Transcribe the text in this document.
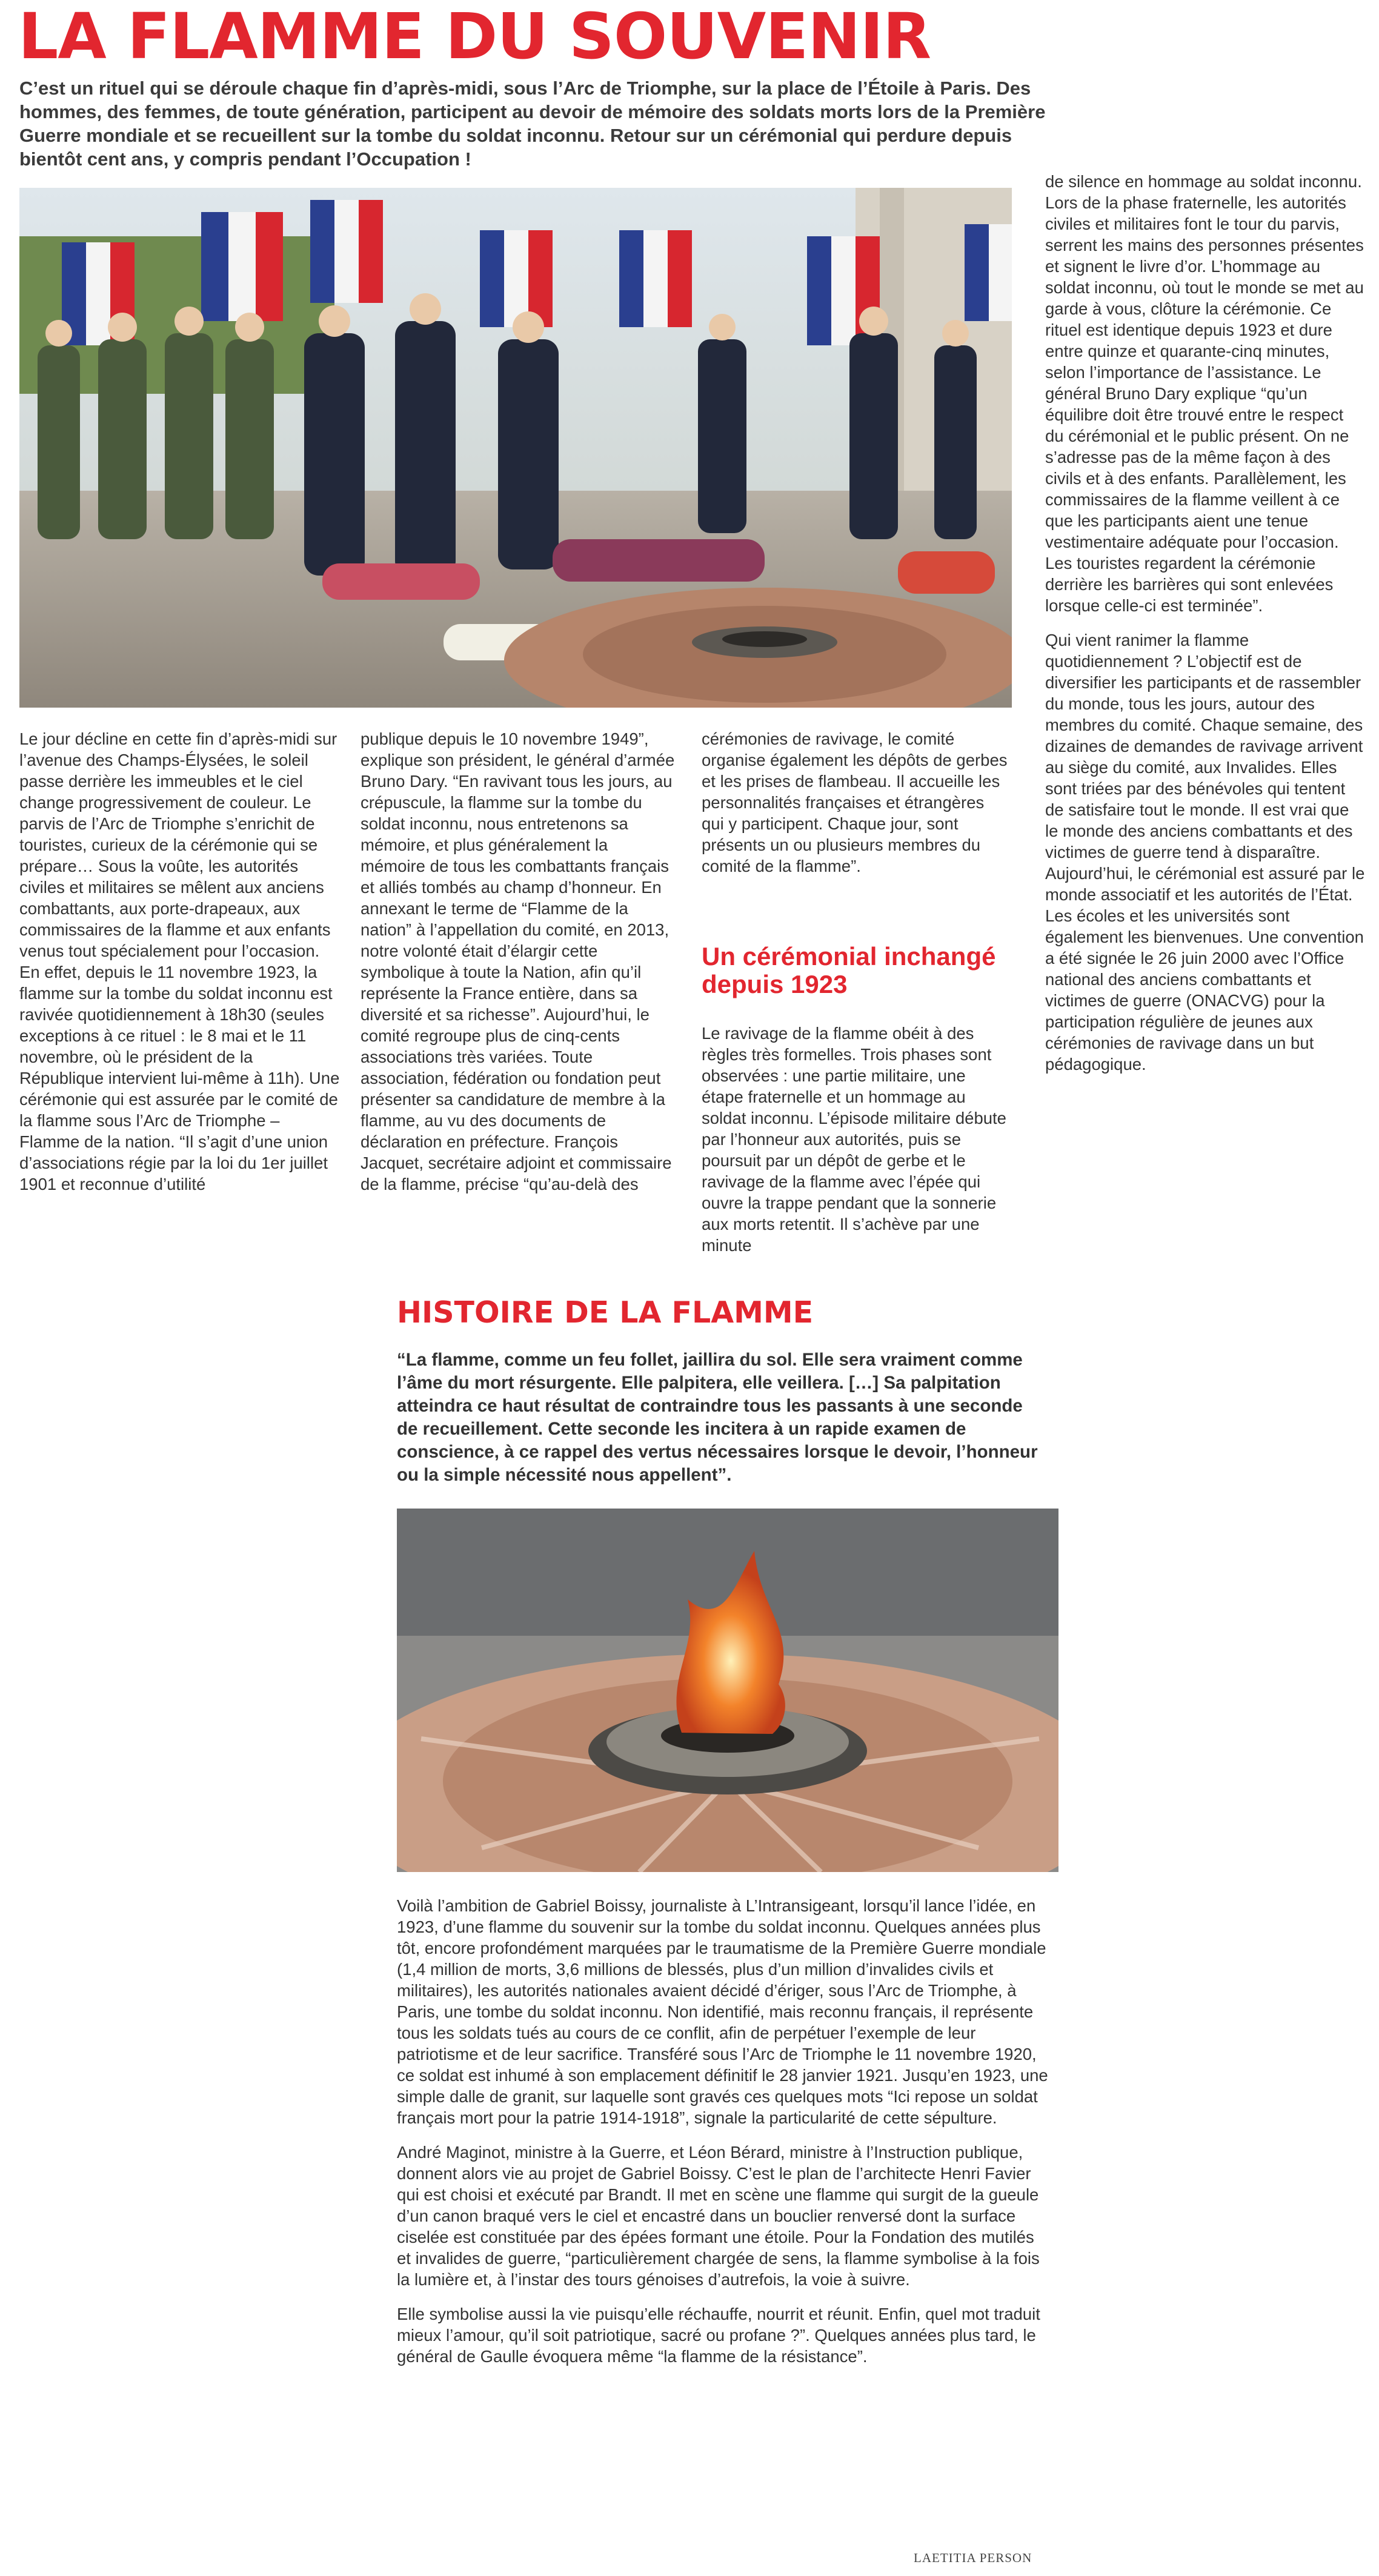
LA FLAMME DU SOUVENIR

C’est un rituel qui se déroule chaque fin d’après-midi, sous l’Arc de Triomphe, sur la place de l’Étoile à Paris. Des hommes, des femmes, de toute génération, participent au devoir de mémoire des soldats morts lors de la Première Guerre mondiale et se recueillent sur la tombe du soldat inconnu. Retour sur un cérémonial qui perdure depuis bientôt cent ans, y compris pendant l’Occupation !

Le jour décline en cette fin d’après-midi sur l’avenue des Champs-Élysées, le soleil passe derrière les immeubles et le ciel change progressivement de couleur. Le parvis de l’Arc de Triomphe s’enrichit de touristes, curieux de la cérémonie qui se prépare… Sous la voûte, les autorités civiles et militaires se mêlent aux anciens combattants, aux porte-drapeaux, aux commissaires de la flamme et aux enfants venus tout spécialement pour l’occasion. En effet, depuis le 11 novembre 1923, la flamme sur la tombe du soldat inconnu est ravivée quotidiennement à 18h30 (seules exceptions à ce rituel : le 8 mai et le 11 novembre, où le président de la République intervient lui-même à 11h). Une cérémonie qui est assurée par le comité de la flamme sous l’Arc de Triomphe – Flamme de la nation. “Il s’agit d’une union d’associations régie par la loi du 1er juillet 1901 et reconnue d’utilité

publique depuis le 10 novembre 1949”, explique son président, le général d’armée Bruno Dary. “En ravivant tous les jours, au crépuscule, la flamme sur la tombe du soldat inconnu, nous entretenons sa mémoire, et plus généralement la mémoire de tous les combattants français et alliés tombés au champ d’honneur. En annexant le terme de “Flamme de la nation” à l’appellation du comité, en 2013, notre volonté était d’élargir cette symbolique à toute la Nation, afin qu’il représente la France entière, dans sa diversité et sa richesse”. Aujourd’hui, le comité regroupe plus de cinq-cents associations très variées. Toute association, fédération ou fondation peut présenter sa candidature de membre à la flamme, au vu des documents de déclaration en préfecture. François Jacquet, secrétaire adjoint et commissaire de la flamme, précise “qu’au-delà des

cérémonies de ravivage, le comité organise également les dépôts de gerbes et les prises de flambeau. Il accueille les personnalités françaises et étrangères qui y participent. Chaque jour, sont présents un ou plusieurs membres du comité de la flamme”.

Un cérémonial inchangé depuis 1923

Le ravivage de la flamme obéit à des règles très formelles. Trois phases sont observées : une partie militaire, une étape fraternelle et un hommage au soldat inconnu. L’épisode militaire débute par l’honneur aux autorités, puis se poursuit par un dépôt de gerbe et le ravivage de la flamme avec l’épée qui ouvre la trappe pendant que la sonnerie aux morts retentit. Il s’achève par une minute

de silence en hommage au soldat inconnu. Lors de la phase fraternelle, les autorités civiles et militaires font le tour du parvis, serrent les mains des personnes présentes et signent le livre d’or. L’hommage au soldat inconnu, où tout le monde se met au garde à vous, clôture la cérémonie. Ce rituel est identique depuis 1923 et dure entre quinze et quarante-cinq minutes, selon l’importance de l’assistance. Le général Bruno Dary explique “qu’un équilibre doit être trouvé entre le respect du cérémonial et le public présent. On ne s’adresse pas de la même façon à des civils et à des enfants. Parallèlement, les commissaires de la flamme veillent à ce que les participants aient une tenue vestimentaire adéquate pour l’occasion. Les touristes regardent la cérémonie derrière les barrières qui sont enlevées lorsque celle-ci est terminée”.

Qui vient ranimer la flamme quotidiennement ? L’objectif est de diversifier les participants et de rassembler du monde, tous les jours, autour des membres du comité. Chaque semaine, des dizaines de demandes de ravivage arrivent au siège du comité, aux Invalides. Elles sont triées par des bénévoles qui tentent de satisfaire tout le monde. Il est vrai que le monde des anciens combattants et des victimes de guerre tend à disparaître. Aujourd’hui, le cérémonial est assuré par le monde associatif et les autorités de l’État. Les écoles et les universités sont également les bienvenues. Une convention a été signée le 26 juin 2000 avec l’Office national des anciens combattants et victimes de guerre (ONACVG) pour la participation régulière de jeunes aux cérémonies de ravivage dans un but pédagogique.

HISTOIRE DE LA FLAMME

“La flamme, comme un feu follet, jaillira du sol. Elle sera vraiment comme l’âme du mort résurgente. Elle palpitera, elle veillera. […] Sa palpitation atteindra ce haut résultat de contraindre tous les passants à une seconde de recueillement. Cette seconde les incitera à un rapide examen de conscience, à ce rappel des vertus nécessaires lorsque le devoir, l’honneur ou la simple nécessité nous appellent”.

Voilà l’ambition de Gabriel Boissy, journaliste à L’Intransigeant, lorsqu’il lance l’idée, en 1923, d’une flamme du souvenir sur la tombe du soldat inconnu. Quelques années plus tôt, encore profondément marquées par le traumatisme de la Première Guerre mondiale (1,4 million de morts, 3,6 millions de blessés, plus d’un million d’invalides civils et militaires), les autorités nationales avaient décidé d’ériger, sous l’Arc de Triomphe, à Paris, une tombe du soldat inconnu. Non identifié, mais reconnu français, il représente tous les soldats tués au cours de ce conflit, afin de perpétuer l’exemple de leur patriotisme et de leur sacrifice. Transféré sous l’Arc de Triomphe le 11 novembre 1920, ce soldat est inhumé à son emplacement définitif le 28 janvier 1921. Jusqu’en 1923, une simple dalle de granit, sur laquelle sont gravés ces quelques mots “Ici repose un soldat français mort pour la patrie 1914-1918”, signale la particularité de cette sépulture.

André Maginot, ministre à la Guerre, et Léon Bérard, ministre à l’Instruction publique, donnent alors vie au projet de Gabriel Boissy. C’est le plan de l’architecte Henri Favier qui est choisi et exécuté par Brandt. Il met en scène une flamme qui surgit de la gueule d’un canon braqué vers le ciel et encastré dans un bouclier renversé dont la surface ciselée est constituée par des épées formant une étoile. Pour la Fondation des mutilés et invalides de guerre, “particulièrement chargée de sens, la flamme symbolise à la fois la lumière et, à l’instar des tours génoises d’autrefois, la voie à suivre.

Elle symbolise aussi la vie puisqu’elle réchauffe, nourrit et réunit. Enfin, quel mot traduit mieux l’amour, qu’il soit patriotique, sacré ou profane ?”. Quelques années plus tard, le général de Gaulle évoquera même “la flamme de la résistance”.

LAETITIA PERSON
